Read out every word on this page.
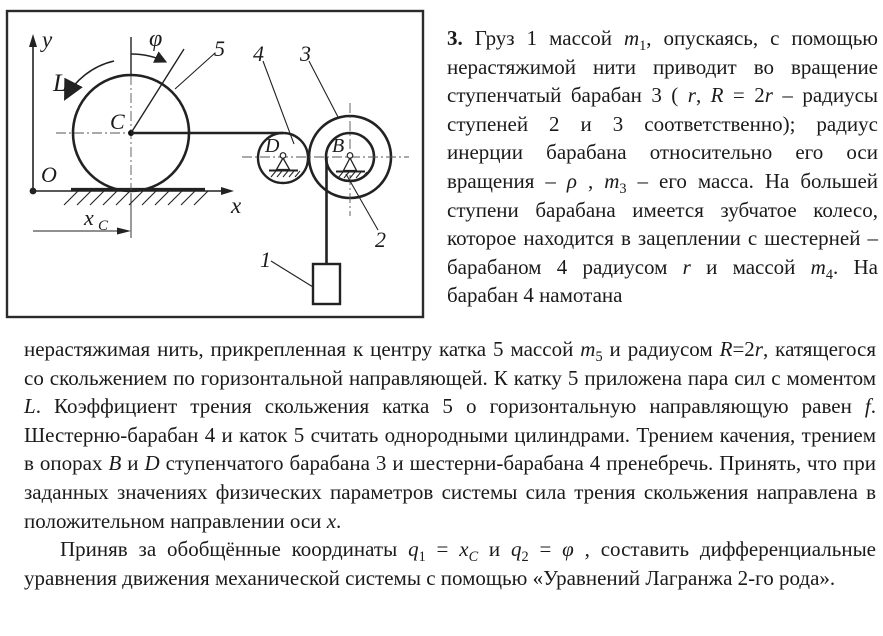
y
x
O
C
φ
L
5 4 3
2
1
D	B
x C

3. Груз 1 массой $m_1$, опускаясь, с помощью нерастяжимой нити приводит во вращение ступенчатый барабан 3 ( r, R = 2r – радиусы ступеней 2 и 3 соответственно); радиус инерции барабана относительно его оси вращения – ρ , $m_3$ – его масса. На большей ступени барабана имеется зубчатое колесо, которое находится в зацеплении с шестерней – барабаном 4 радиусом r и массой $m_4$. На барабан 4 намотана

нерастяжимая нить, прикрепленная к центру катка 5 массой $m_5$ и радиусом R=2r, катящегося со скольжением по горизонтальной направляющей. К катку 5 приложена пара сил с моментом L. Коэффициент трения скольжения катка 5 о горизонтальную направляющую равен f. Шестерню-барабан 4 и каток 5 считать однородными цилиндрами. Трением качения, трением в опорах B и D ступенчатого барабана 3 и шестерни-барабана 4 пренебречь. Принять, что при заданных значениях физических параметров системы сила трения скольжения направлена в положительном направлении оси x.

Приняв за обобщённые координаты $q_1 = x_C$ и $q_2 = \varphi$ , составить дифференциальные уравнения движения механической системы с помощью «Уравнений Лагранжа 2-го рода».
